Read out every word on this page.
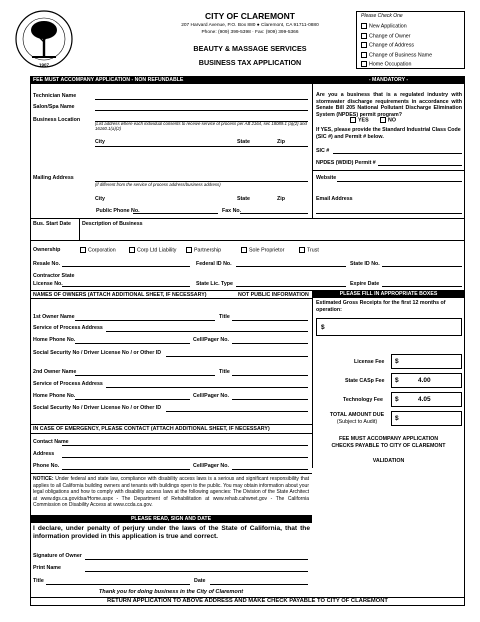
1907
CITY OF CLAREMONT
207 Harvard Avenue, P.O. Box 880 ● Claremont, CA 91711-0880
Phone: (909) 399-5398 · Fax: (909) 399-5366
BEAUTY & MASSAGE SERVICES
BUSINESS TAX APPLICATION
Please Check One
New Application
Change of Owner
Change of Address
Change of Business Name
Home Occupation
FEE MUST ACCOMPANY APPLICATION - NON REFUNDABLE	- MANDATORY -
Technician Name
Salon/Spa Name
Business Location
(List address where each individual consents to receive service of process per AB 2164, sec 18089.1 (a)(2) and 16160.1(a)(2)
City	State	Zip
Mailing Address
(if different from the service of process address/business address)
City	State	Zip
Public Phone No.	Fax No.
Are you a business that is a regulated industry with stormwater discharge requirements in accordance with Senate Bill 205 National Pollutant Discharge Elimination System (NPDES) permit program?
YES	NO
If YES, please provide the Standard Industrial Class Code (SIC #) and Permit # below.
SIC #
NPDES (WDID) Permit #
Website
Email Address
Bus. Start Date Description of Business
Ownership	Corporation	Corp Ltd Liability	Partnership	Sole Proprietor	Trust
Resale No.	Federal ID No.	State ID No.
Contractor State
License No.	State Lic. Type	Expire Date
NAMES OF OWNERS (ATTACH ADDITIONAL SHEET, IF NECESSARY)	NOT PUBLIC INFORMATION	PLEASE FILL IN APPROPRIATE BOXES
1st Owner Name	Title
Service of Process Address
Home Phone No.	Cell/Pager No.
Social Security No / Driver License No / or Other ID
2nd Owner Name	Title
Service of Process Address
Home Phone No.	Cell/Pager No.
Social Security No / Driver License No / or Other ID
IN CASE OF EMERGENCY, PLEASE CONTACT (ATTACH ADDITIONAL SHEET, IF NECESSARY)
Contact Name
Address
Phone No.	Cell/Pager No.
Estimated Gross Receipts for the first 12 months of operation:
$
License Fee $
State CASp Fee $	4.00
Technology Fee $	4.05
TOTAL AMOUNT DUE
(Subject to Audit)	$
FEE MUST ACCOMPANY APPLICATION
CHECKS PAYABLE TO CITY OF CLAREMONT
VALIDATION
NOTICE: Under federal and state law, compliance with disability access laws is a serious and significant responsibility that applies to all California building owners and tenants with buildings open to the public. You may obtain information about your legal obligations and how to comply with disability access laws at the following agencies: The Division of the State Architect at www.dgs.ca.gov/dsa/Home.aspx - The Department of Rehabilitation at www.rehab.cahwnet.gov - The California Commission on Disability Access at www.ccda.ca.gov.
PLEASE READ, SIGN AND DATE
I declare, under penalty of perjury under the laws of the State of California, that the information provided in this application is true and correct.
Signature of Owner
Print Name
Title	Date
Thank you for doing business in the City of Claremont
RETURN APPLICATION TO ABOVE ADDRESS AND MAKE CHECK PAYABLE TO CITY OF CLAREMONT
